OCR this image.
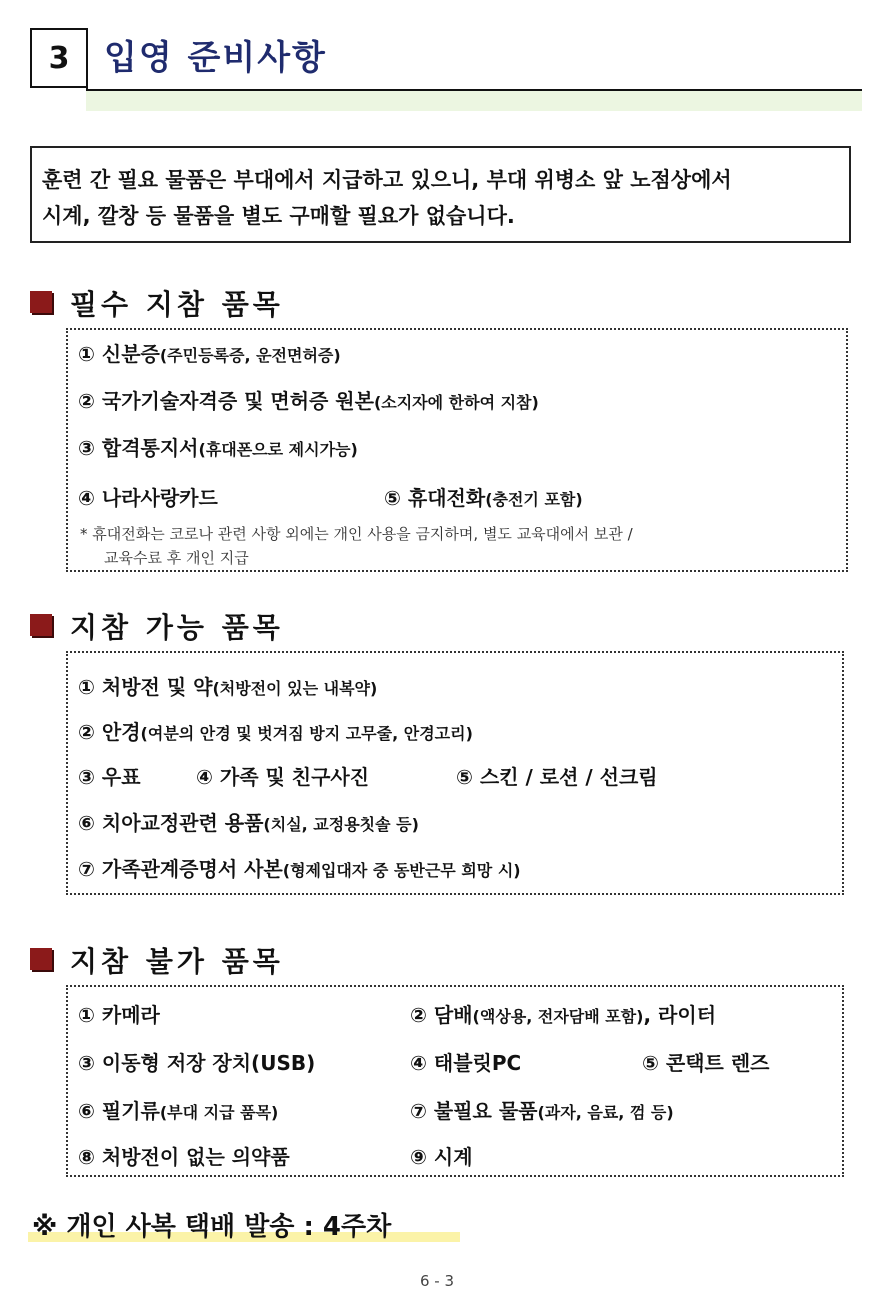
3	입영 준비사항
훈련 간 필요 물품은 부대에서 지급하고 있으니, 부대 위병소 앞 노점상에서
시계, 깔창 등 물품을 별도 구매할 필요가 없습니다.
필수 지참 품목
① 신분증(주민등록증, 운전면허증)
② 국가기술자격증 및 면허증 원본(소지자에 한하여 지참)
③ 합격통지서(휴대폰으로 제시가능)
④ 나라사랑카드	⑤ 휴대전화(충전기 포함)
* 휴대전화는 코로나 관련 사항 외에는 개인 사용을 금지하며, 별도 교육대에서 보관 /
교육수료 후 개인 지급
지참 가능 품목
① 처방전 및 약(처방전이 있는 내복약)
② 안경(여분의 안경 및 벗겨짐 방지 고무줄, 안경고리)
③ 우표	④ 가족 및 친구사진	⑤ 스킨 / 로션 / 선크림
⑥ 치아교정관련 용품(치실, 교정용칫솔 등)
⑦ 가족관계증명서 사본(형제입대자 중 동반근무 희망 시)
지참 불가 품목
① 카메라	② 담배(액상용, 전자담배 포함), 라이터
③ 이동형 저장 장치(USB)	④ 태블릿PC	⑤ 콘택트 렌즈
⑥ 필기류(부대 지급 품목)	⑦ 불필요 물품(과자, 음료, 껌 등)
⑧ 처방전이 없는 의약품	⑨ 시계
※ 개인 사복 택배 발송 : 4주차
6 - 3
